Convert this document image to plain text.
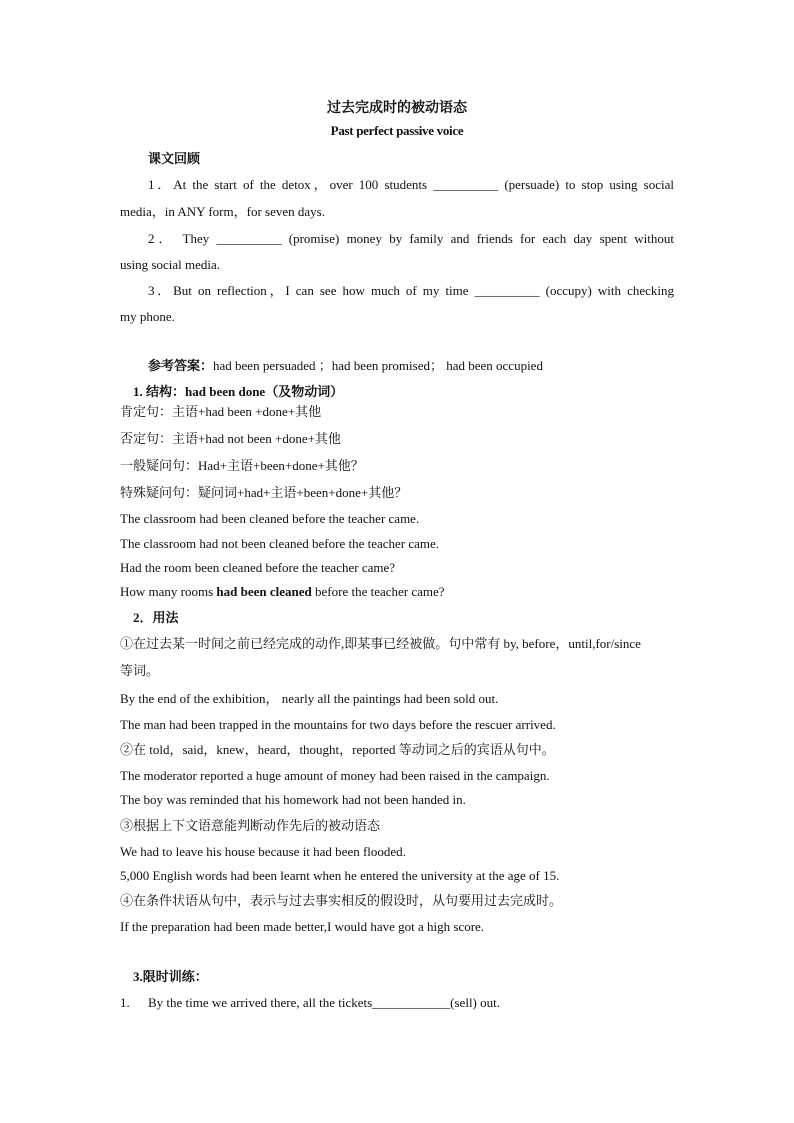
过去完成时的被动语态
Past perfect passive voice
课文回顾
1．At the start of the detox，over 100 students __________ (persuade) to stop using social
media，in ANY form，for seven days.
2． They __________ (promise) money by family and friends for each day spent without
using social media.
3．But on reflection，I can see how much of my time __________ (occupy) with checking
my phone.
参考答案：had been persuaded ；had been promised； had been occupied
1. 结构：had been done（及物动词）
肯定句：主语+had been +done+其他
否定句：主语+had not been +done+其他
一般疑问句：Had+主语+been+done+其他？
特殊疑问句：疑问词+had+主语+been+done+其他？
The classroom had been cleaned before the teacher came.
The classroom had not been cleaned before the teacher came.
Had the room been cleaned before the teacher came?
How many rooms had been cleaned before the teacher came?
2．用法
①在过去某一时间之前已经完成的动作,即某事已经被做。句中常有 by, before，until,for/since
等词。
By the end of the exhibition， nearly all the paintings had been sold out.
The man had been trapped in the mountains for two days before the rescuer arrived.
②在 told，said，knew，heard，thought，reported 等动词之后的宾语从句中。
The moderator reported a huge amount of money had been raised in the campaign.
The boy was reminded that his homework had not been handed in.
③根据上下文语意能判断动作先后的被动语态
We had to leave his house because it had been flooded.
5,000 English words had been learnt when he entered the university at the age of 15.
④在条件状语从句中，表示与过去事实相反的假设时，从句要用过去完成时。
If the preparation had been made better,I would have got a high score.
3.限时训练：
1. By the time we arrived there, all the tickets____________(sell) out.
